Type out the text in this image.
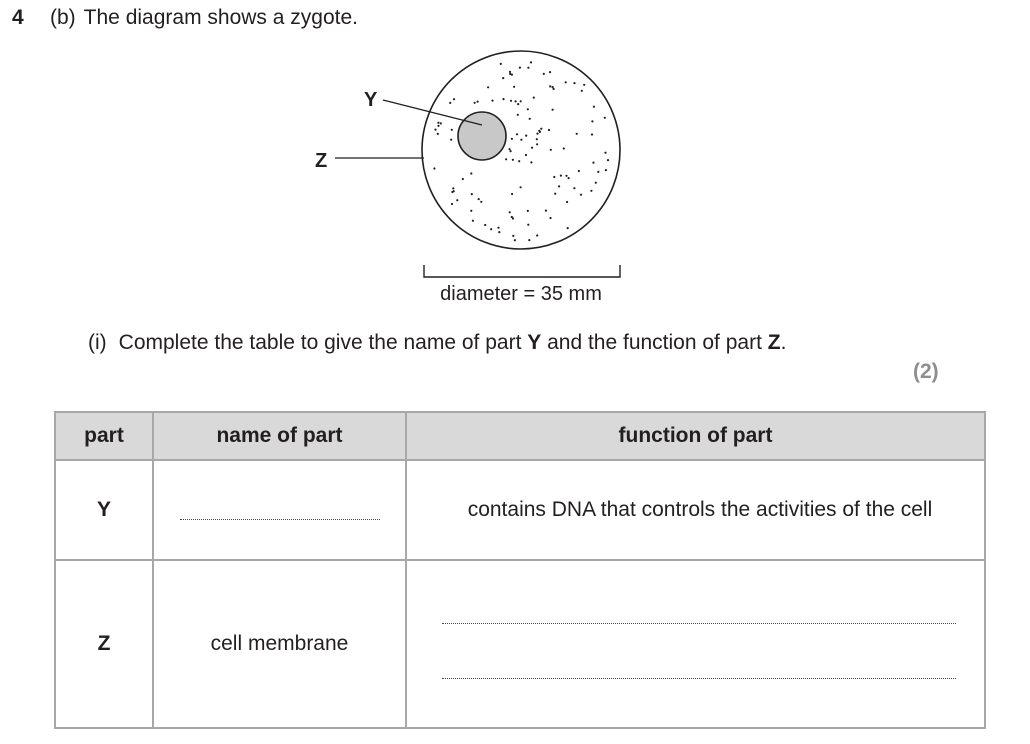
4 (b) The diagram shows a zygote.
Y
Z
diameter = 35 mm
(i) Complete the table to give the name of part Y and the function of part Z.
(2)
part	name of part	function of part
Y		contains DNA that controls the activities of the cell
Z	cell membrane	
